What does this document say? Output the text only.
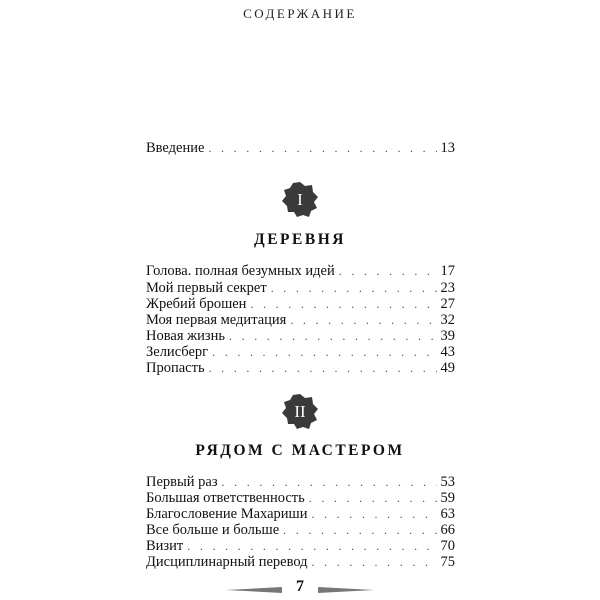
СОДЕРЖАНИЕ
Введение . . .	13
I
ДЕРЕВНЯ
Голова. полная безумных идей . . .	17
Мой первый секрет . . .	23
Жребий брошен . . .	27
Моя первая медитация . . .	32
Новая жизнь . . .	39
Зелисберг . . .	43
Пропасть . . .	49
II
РЯДОМ С МАСТЕРОМ
Первый раз . . .	53
Большая ответственность . . .	59
Благословение Махариши . . .	63
Все больше и больше . . .	66
Визит . . .	70
Дисциплинарный перевод . . .	75
7
